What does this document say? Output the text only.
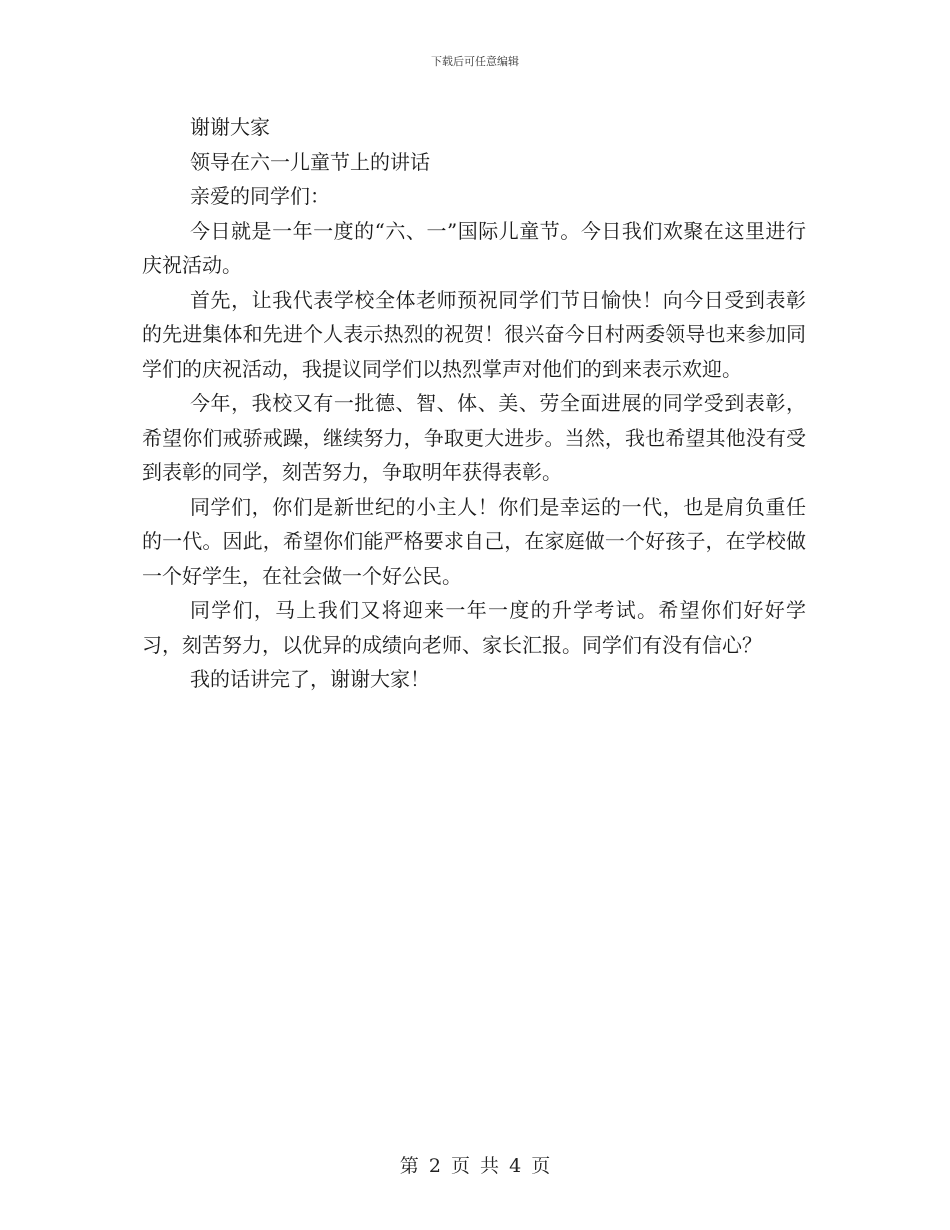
下载后可任意编辑

谢谢大家

领导在六一儿童节上的讲话

亲爱的同学们：

今日就是一年一度的“六、一”国际儿童节。今日我们欢聚在这里进行庆祝活动。

首先，让我代表学校全体老师预祝同学们节日愉快！向今日受到表彰的先进集体和先进个人表示热烈的祝贺！很兴奋今日村两委领导也来参加同学们的庆祝活动，我提议同学们以热烈掌声对他们的到来表示欢迎。

今年，我校又有一批德、智、体、美、劳全面进展的同学受到表彰，希望你们戒骄戒躁，继续努力，争取更大进步。当然，我也希望其他没有受到表彰的同学，刻苦努力，争取明年获得表彰。

同学们，你们是新世纪的小主人！你们是幸运的一代，也是肩负重任的一代。因此，希望你们能严格要求自己，在家庭做一个好孩子，在学校做一个好学生，在社会做一个好公民。

同学们，马上我们又将迎来一年一度的升学考试。希望你们好好学习，刻苦努力，以优异的成绩向老师、家长汇报。同学们有没有信心？

我的话讲完了，谢谢大家！

第 2 页 共 4 页
